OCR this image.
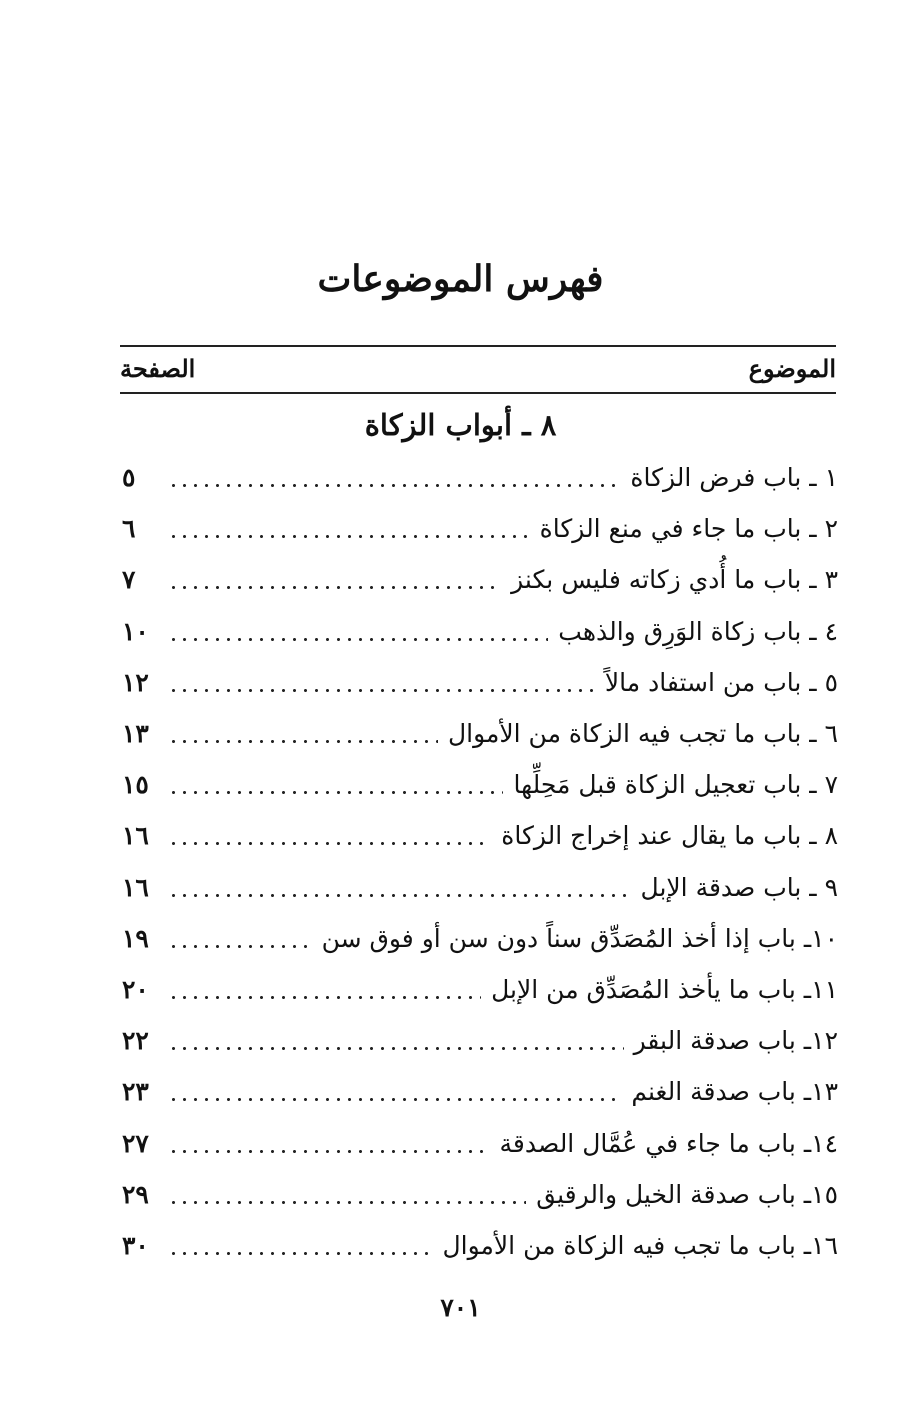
فهرس الموضوعات
الموضوع
الصفحة
٨ ـ أبواب الزكاة
١ ـ باب فرض الزكاة
٥
٢ ـ باب ما جاء في منع الزكاة
٦
٣ ـ باب ما أُدي زكاته فليس بكنز
٧
٤ ـ باب زكاة الوَرِق والذهب
١٠
٥ ـ باب من استفاد مالاً
١٢
٦ ـ باب ما تجب فيه الزكاة من الأموال
١٣
٧ ـ باب تعجيل الزكاة قبل مَحِلِّها
١٥
٨ ـ باب ما يقال عند إخراج الزكاة
١٦
٩ ـ باب صدقة الإبل
١٦
١٠ـ باب إذا أخذ المُصَدِّق سناً دون سن أو فوق سن
١٩
١١ـ باب ما يأخذ المُصَدِّق من الإبل
٢٠
١٢ـ باب صدقة البقر
٢٢
١٣ـ باب صدقة الغنم
٢٣
١٤ـ باب ما جاء في عُمَّال الصدقة
٢٧
١٥ـ باب صدقة الخيل والرقيق
٢٩
١٦ـ باب ما تجب فيه الزكاة من الأموال
٣٠
٧٠١
